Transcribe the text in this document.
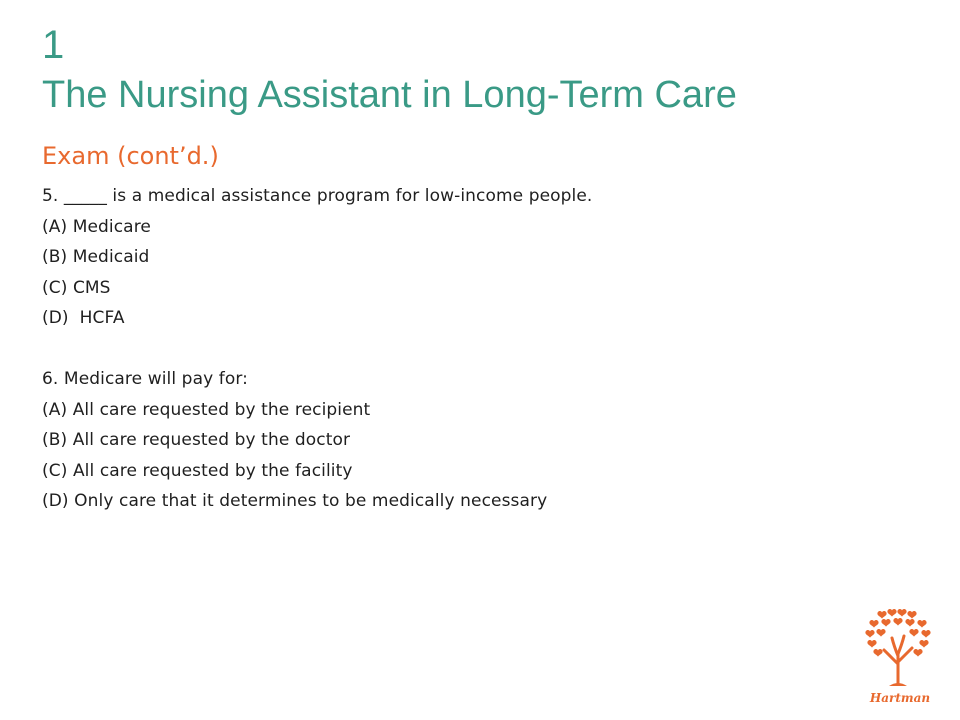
1
The Nursing Assistant in Long-Term Care
Exam (cont’d.)
5. _____ is a medical assistance program for low-income people.
(A) Medicare
(B) Medicaid
(C) CMS
(D)  HCFA
6. Medicare will pay for:
(A) All care requested by the recipient
(B) All care requested by the doctor
(C) All care requested by the facility
(D) Only care that it determines to be medically necessary
Hartman
